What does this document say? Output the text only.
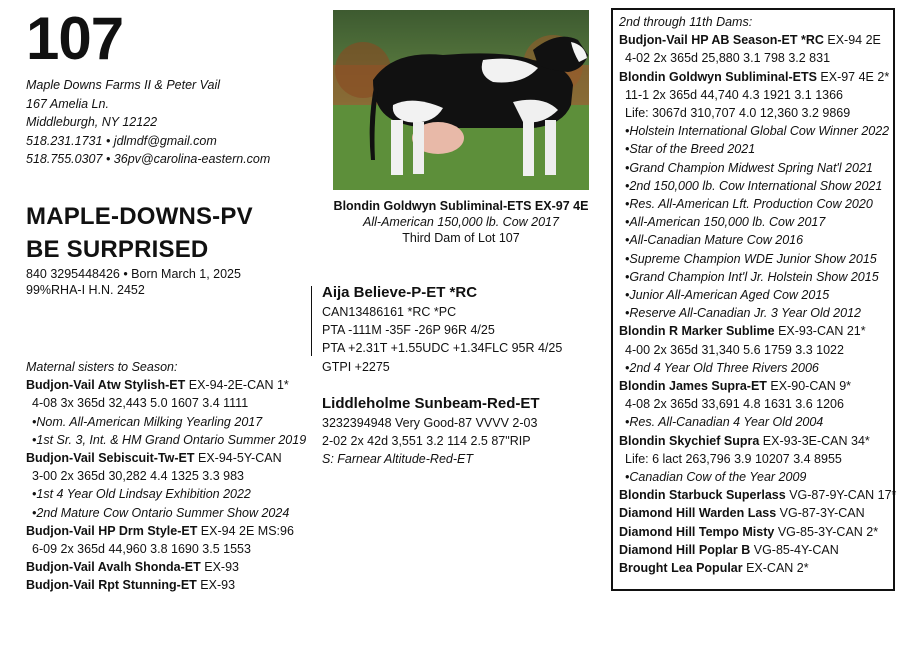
107
Maple Downs Farms II & Peter Vail
167 Amelia Ln.
Middleburgh, NY 12122
518.231.1731 • jdlmdf@gmail.com
518.755.0307 • 36pv@carolina-eastern.com
MAPLE-DOWNS-PV
BE SURPRISED
840 3295448426 • Born March 1, 2025
99%RHA-I H.N. 2452
Maternal sisters to Season:
Budjon-Vail Atw Stylish-ET EX-94-2E-CAN 1*
4-08 3x 365d 32,443 5.0 1607 3.4 1111
•Nom. All-American Milking Yearling 2017
•1st Sr. 3, Int. & HM Grand Ontario Summer 2019
Budjon-Vail Sebiscuit-Tw-ET EX-94-5Y-CAN
3-00 2x 365d 30,282 4.4 1325 3.3 983
•1st 4 Year Old Lindsay Exhibition 2022
•2nd Mature Cow Ontario Summer Show 2024
Budjon-Vail HP Drm Style-ET EX-94 2E MS:96
6-09 2x 365d 44,960 3.8 1690 3.5 1553
Budjon-Vail Avalh Shonda-ET EX-93
Budjon-Vail Rpt Stunning-ET EX-93
Blondin Goldwyn Subliminal-ETS EX-97 4E
All-American 150,000 lb. Cow 2017
Third Dam of Lot 107
Aija Believe-P-ET *RC
CAN13486161 *RC *PC
PTA -111M -35F -26P 96R 4/25
PTA +2.31T +1.55UDC +1.34FLC 95R 4/25
GTPI +2275
Liddleholme Sunbeam-Red-ET
3232394948 Very Good-87 VVVV 2-03
2-02 2x 42d 3,551 3.2 114 2.5 87"RIP
S: Farnear Altitude-Red-ET
2nd through 11th Dams:
Budjon-Vail HP AB Season-ET *RC EX-94 2E
4-02 2x 365d 25,880 3.1 798 3.2 831
Blondin Goldwyn Subliminal-ETS EX-97 4E 2*
11-1 2x 365d 44,740 4.3 1921 3.1 1366
Life: 3067d 310,707 4.0 12,360 3.2 9869
•Holstein International Global Cow Winner 2022
•Star of the Breed 2021
•Grand Champion Midwest Spring Nat'l 2021
•2nd 150,000 lb. Cow International Show 2021
•Res. All-American Lft. Production Cow 2020
•All-American 150,000 lb. Cow 2017
•All-Canadian Mature Cow 2016
•Supreme Champion WDE Junior Show 2015
•Grand Champion Int'l Jr. Holstein Show 2015
•Junior All-American Aged Cow 2015
•Reserve All-Canadian Jr. 3 Year Old 2012
Blondin R Marker Sublime EX-93-CAN 21*
4-00 2x 365d 31,340 5.6 1759 3.3 1022
•2nd 4 Year Old Three Rivers 2006
Blondin James Supra-ET EX-90-CAN 9*
4-08 2x 365d 33,691 4.8 1631 3.6 1206
•Res. All-Canadian 4 Year Old 2004
Blondin Skychief Supra EX-93-3E-CAN 34*
Life: 6 lact 263,796 3.9 10207 3.4 8955
•Canadian Cow of the Year 2009
Blondin Starbuck Superlass VG-87-9Y-CAN 17*
Diamond Hill Warden Lass VG-87-3Y-CAN
Diamond Hill Tempo Misty VG-85-3Y-CAN 2*
Diamond Hill Poplar B VG-85-4Y-CAN
Brought Lea Popular EX-CAN 2*
